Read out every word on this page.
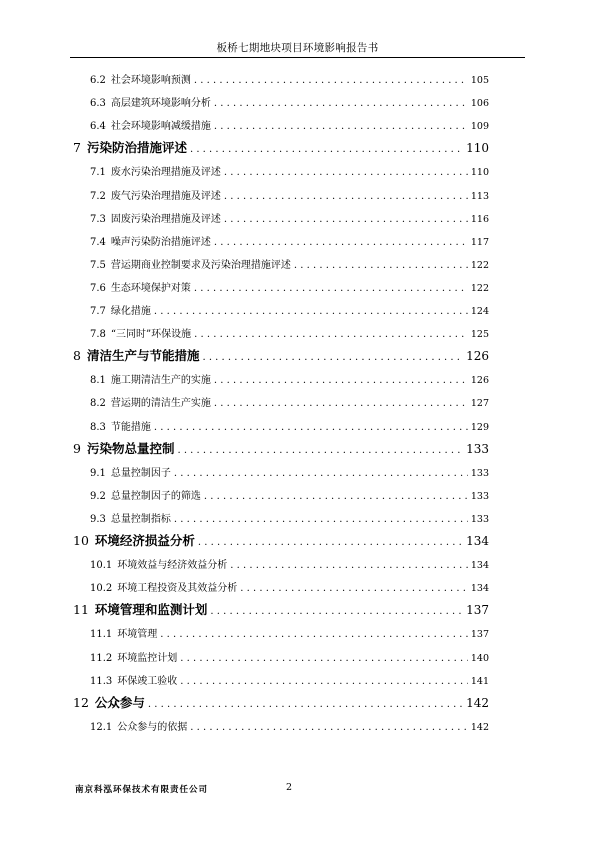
板桥七期地块项目环境影响报告书
6.2 社会环境影响预测 . . .	105
6.3 高层建筑环境影响分析 . . .	106
6.4 社会环境影响减缓措施 . . .	109
7 污染防治措施评述 . . .	110
7.1 废水污染治理措施及评述 . . .	110
7.2 废气污染治理措施及评述 . . .	113
7.3 固废污染治理措施及评述 . . .	116
7.4 噪声污染防治措施评述 . . .	117
7.5 营运期商业控制要求及污染治理措施评述 . . .	122
7.6 生态环境保护对策 . . .	122
7.7 绿化措施 . . .	124
7.8 “三同时”环保设施 . . .	125
8 清洁生产与节能措施 . . .	126
8.1 施工期清洁生产的实施 . . .	126
8.2 营运期的清洁生产实施 . . .	127
8.3 节能措施 . . .	129
9 污染物总量控制 . . .	133
9.1 总量控制因子 . . .	133
9.2 总量控制因子的筛选 . . .	133
9.3 总量控制指标 . . .	133
10 环境经济损益分析 . . .	134
10.1 环境效益与经济效益分析 . . .	134
10.2 环境工程投资及其效益分析 . . .	134
11 环境管理和监测计划 . . .	137
11.1 环境管理 . . .	137
11.2 环境监控计划 . . .	140
11.3 环保竣工验收 . . .	141
12 公众参与 . . .	142
12.1 公众参与的依据 . . .	142
南京科泓环保技术有限责任公司	2
